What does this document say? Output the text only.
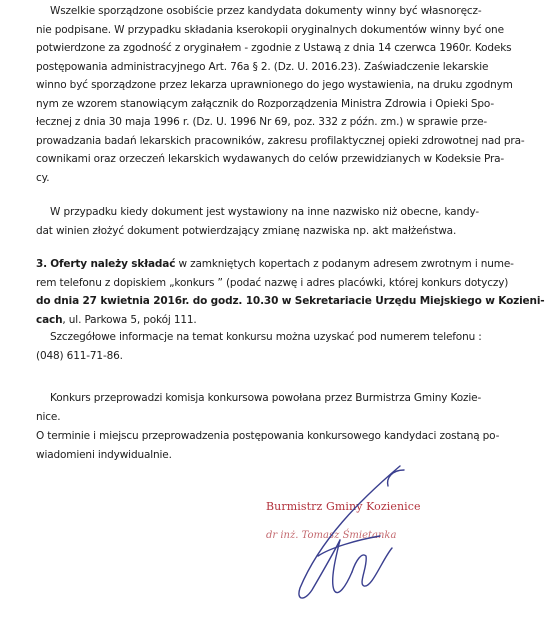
Wszelkie sporządzone osobiście przez kandydata dokumenty winny być własnoręcz-
nie podpisane. W przypadku składania kserokopii oryginalnych dokumentów winny być one
potwierdzone za zgodność z oryginałem - zgodnie z Ustawą z dnia 14 czerwca 1960r. Kodeks
postępowania administracyjnego Art. 76a § 2. (Dz. U. 2016.23). Zaświadczenie lekarskie
winno być sporządzone przez lekarza uprawnionego do jego wystawienia, na druku zgodnym
nym ze wzorem stanowiącym załącznik do Rozporządzenia Ministra Zdrowia i Opieki Spo-
łecznej z dnia 30 maja 1996 r. (Dz. U. 1996 Nr 69, poz. 332 z późn. zm.) w sprawie prze-
prowadzania badań lekarskich pracowników, zakresu profilaktycznej opieki zdrowotnej nad pra-
cownikami oraz orzeczeń lekarskich wydawanych do celów przewidzianych w Kodeksie Pra-
cy.

W przypadku kiedy dokument jest wystawiony na inne nazwisko niż obecne, kandy-
dat winien złożyć dokument potwierdzający zmianę nazwiska np. akt małżeństwa.

3. Oferty należy składać w zamkniętych kopertach z podanym adresem zwrotnym i nume-
rem telefonu z dopiskiem „konkurs ” (podać nazwę i adres placówki, której konkurs dotyczy)
do dnia 27 kwietnia 2016r. do godz. 10.30 w Sekretariacie Urzędu Miejskiego w Kozieni-
cach, ul. Parkowa 5, pokój 111.

Szczegółowe informacje na temat konkursu można uzyskać pod numerem telefonu :
(048) 611-71-86.

Konkurs przeprowadzi komisja konkursowa powołana przez Burmistrza Gminy Kozie-
nice.

O terminie i miejscu przeprowadzenia postępowania konkursowego kandydaci zostaną po-
wiadomieni indywidualnie.

Burmistrz Gminy Kozienice
dr inż. Tomasz Śmietanka
